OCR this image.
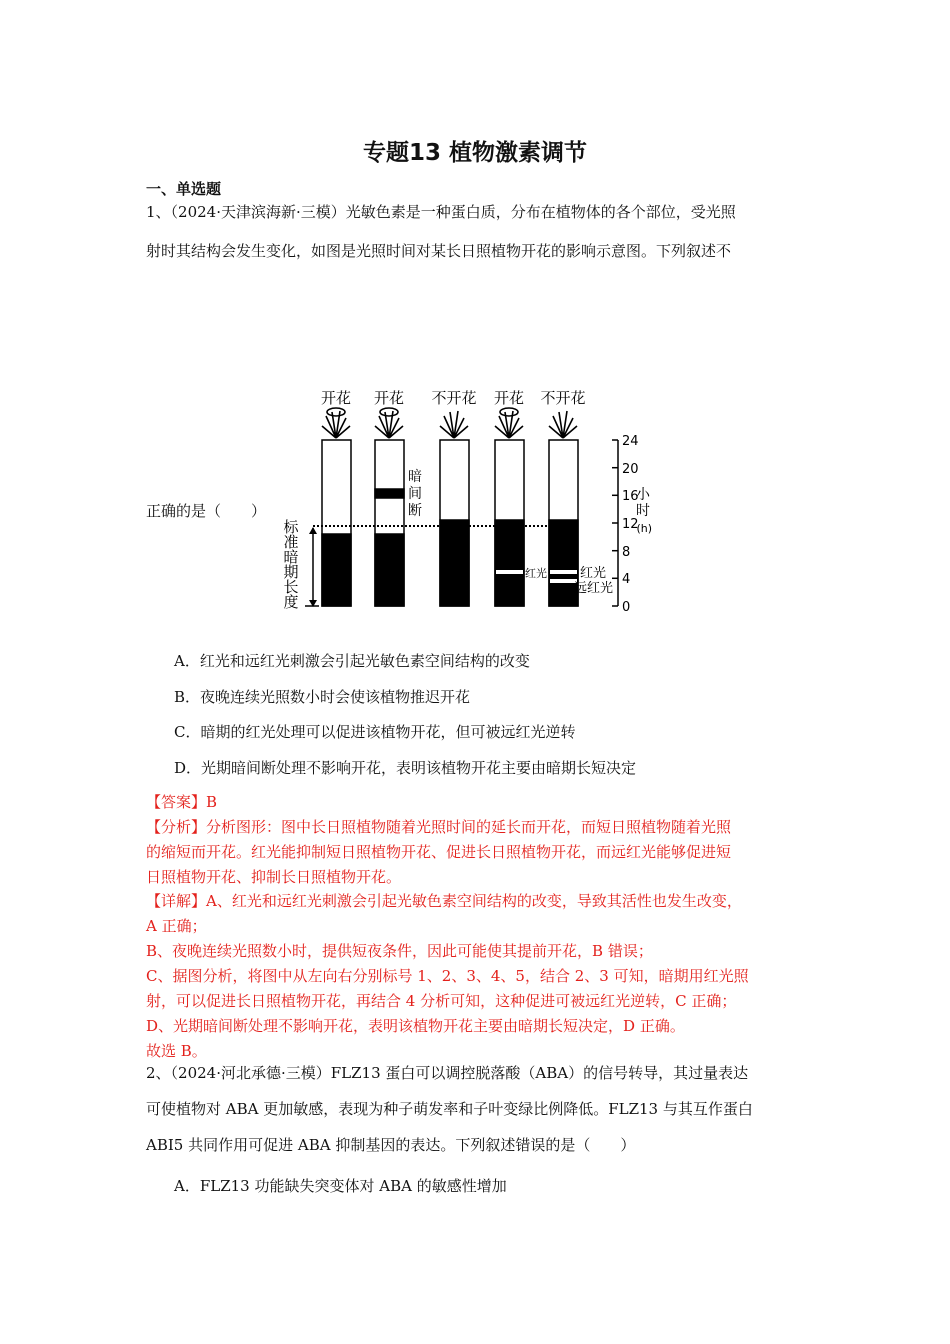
专题13 植物激素调节
一、单选题
1、（2024·天津滨海新·三模）光敏色素是一种蛋白质，分布在植物体的各个部位，受光照
射时其结构会发生变化，如图是光照时间对某长日照植物开花的影响示意图。下列叙述不
正确的是（　　）
开花 开花 不开花 开花 不开花
标
准
暗
期
长
度
暗
间
断
红光	红光
远红光
24
20
16
12
8
4
0
小
时
(h)
A．红光和远红光刺激会引起光敏色素空间结构的改变
B．夜晚连续光照数小时会使该植物推迟开花
C．暗期的红光处理可以促进该植物开花，但可被远红光逆转
D．光期暗间断处理不影响开花，表明该植物开花主要由暗期长短决定
【答案】B
【分析】分析图形：图中长日照植物随着光照时间的延长而开花，而短日照植物随着光照
的缩短而开花。红光能抑制短日照植物开花、促进长日照植物开花，而远红光能够促进短
日照植物开花、抑制长日照植物开花。
【详解】A、红光和远红光刺激会引起光敏色素空间结构的改变，导致其活性也发生改变，
A 正确；
B、夜晚连续光照数小时，提供短夜条件，因此可能使其提前开花，B 错误；
C、据图分析，将图中从左向右分别标号 1、2、3、4、5，结合 2、3 可知，暗期用红光照
射，可以促进长日照植物开花，再结合 4 分析可知，这种促进可被远红光逆转，C 正确；
D、光期暗间断处理不影响开花，表明该植物开花主要由暗期长短决定，D 正确。
故选 B。
2、（2024·河北承德·三模）FLZ13 蛋白可以调控脱落酸（ABA）的信号转导，其过量表达
可使植物对 ABA 更加敏感，表现为种子萌发率和子叶变绿比例降低。FLZ13 与其互作蛋白
ABI5 共同作用可促进 ABA 抑制基因的表达。下列叙述错误的是（　　）
A．FLZ13 功能缺失突变体对 ABA 的敏感性增加
